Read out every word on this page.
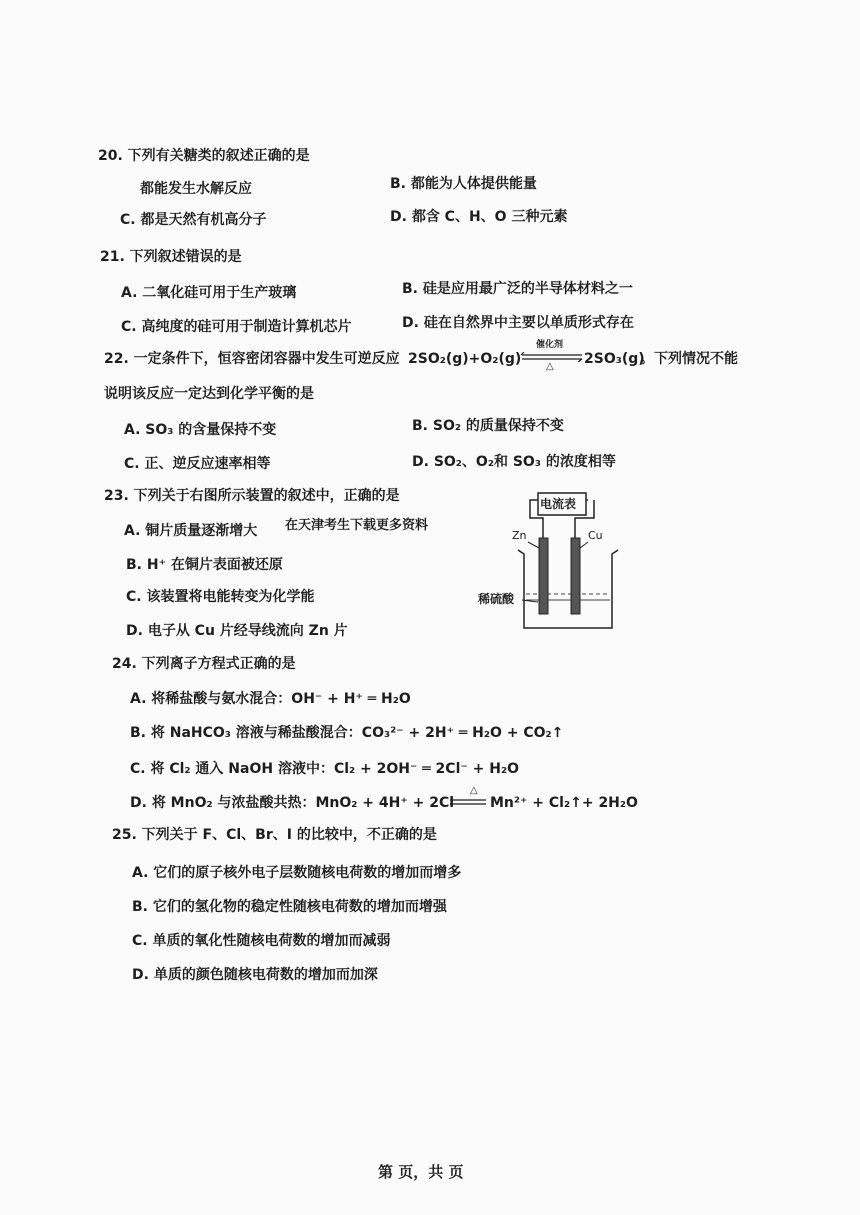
20. 下列有关糖类的叙述正确的是
都能发生水解反应	B. 都能为人体提供能量
C. 都是天然有机高分子	D. 都含 C、H、O 三种元素
21. 下列叙述错误的是
A. 二氧化硅可用于生产玻璃	B. 硅是应用最广泛的半导体材料之一
C. 高纯度的硅可用于制造计算机芯片	D. 硅在自然界中主要以单质形式存在
22. 一定条件下，恒容密闭容器中发生可逆反应 2SO₂(g)+O₂(g)
催化剂
△ 2SO₃(g)
。下列情况不能
说明该反应一定达到化学平衡的是
A. SO₃ 的含量保持不变	B. SO₂ 的质量保持不变
C. 正、逆反应速率相等	D. SO₂、O₂和 SO₃ 的浓度相等
23. 下列关于右图所示装置的叙述中，正确的是
A. 铜片质量逐渐增大 在天津考生下载更多资料
B. H⁺ 在铜片表面被还原
C. 该装置将电能转变为化学能
D. 电子从 Cu 片经导线流向 Zn 片
电流表
Zn	Cu
稀硫酸
24. 下列离子方程式正确的是
A. 将稀盐酸与氨水混合：OH⁻ + H⁺ ═ H₂O
B. 将 NaHCO₃ 溶液与稀盐酸混合：CO₃²⁻ + 2H⁺ ═ H₂O + CO₂↑
C. 将 Cl₂ 通入 NaOH 溶液中：Cl₂ + 2OH⁻ ═ 2Cl⁻ + H₂O
D. 将 MnO₂ 与浓盐酸共热：MnO₂ + 4H⁺ + 2Cl⁻
△
Mn²⁺ + Cl₂↑+ 2H₂O
25. 下列关于 F、Cl、Br、I 的比较中，不正确的是
A. 它们的原子核外电子层数随核电荷数的增加而增多
B. 它们的氢化物的稳定性随核电荷数的增加而增强
C. 单质的氧化性随核电荷数的增加而减弱
D. 单质的颜色随核电荷数的增加而加深
第 页，共 页
